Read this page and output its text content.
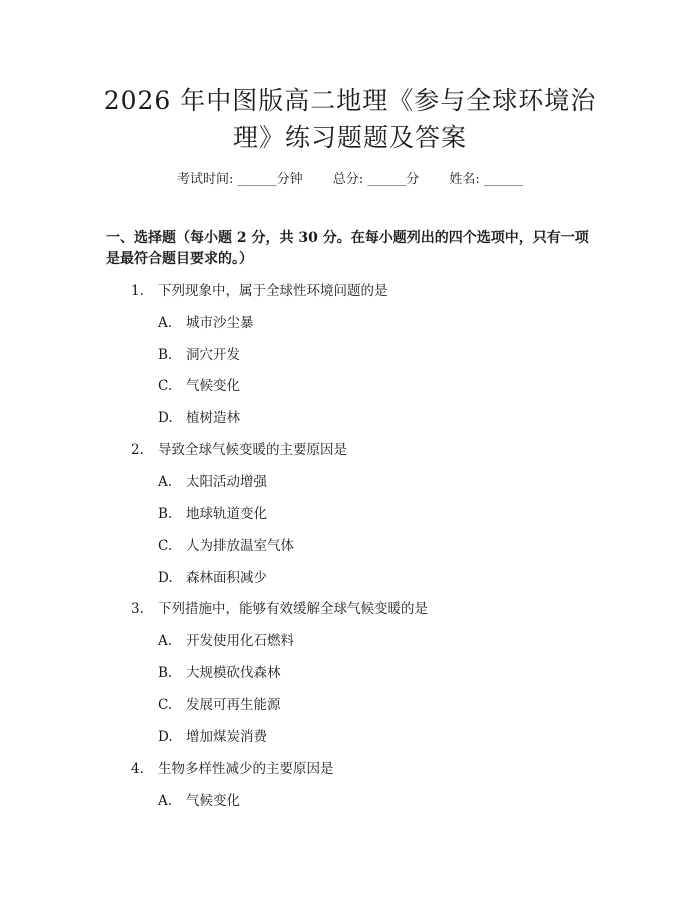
2026 年中图版高二地理《参与全球环境治
理》练习题题及答案
考试时间: ______分钟 总分: ______分 姓名: ______
一、选择题（每小题 2 分，共 30 分。在每小题列出的四个选项中，只有一项是最符合题目要求的。）
1. 下列现象中，属于全球性环境问题的是
A. 城市沙尘暴
B. 洞穴开发
C. 气候变化
D. 植树造林
2. 导致全球气候变暖的主要原因是
A. 太阳活动增强
B. 地球轨道变化
C. 人为排放温室气体
D. 森林面积减少
3. 下列措施中，能够有效缓解全球气候变暖的是
A. 开发使用化石燃料
B. 大规模砍伐森林
C. 发展可再生能源
D. 增加煤炭消费
4. 生物多样性减少的主要原因是
A. 气候变化
